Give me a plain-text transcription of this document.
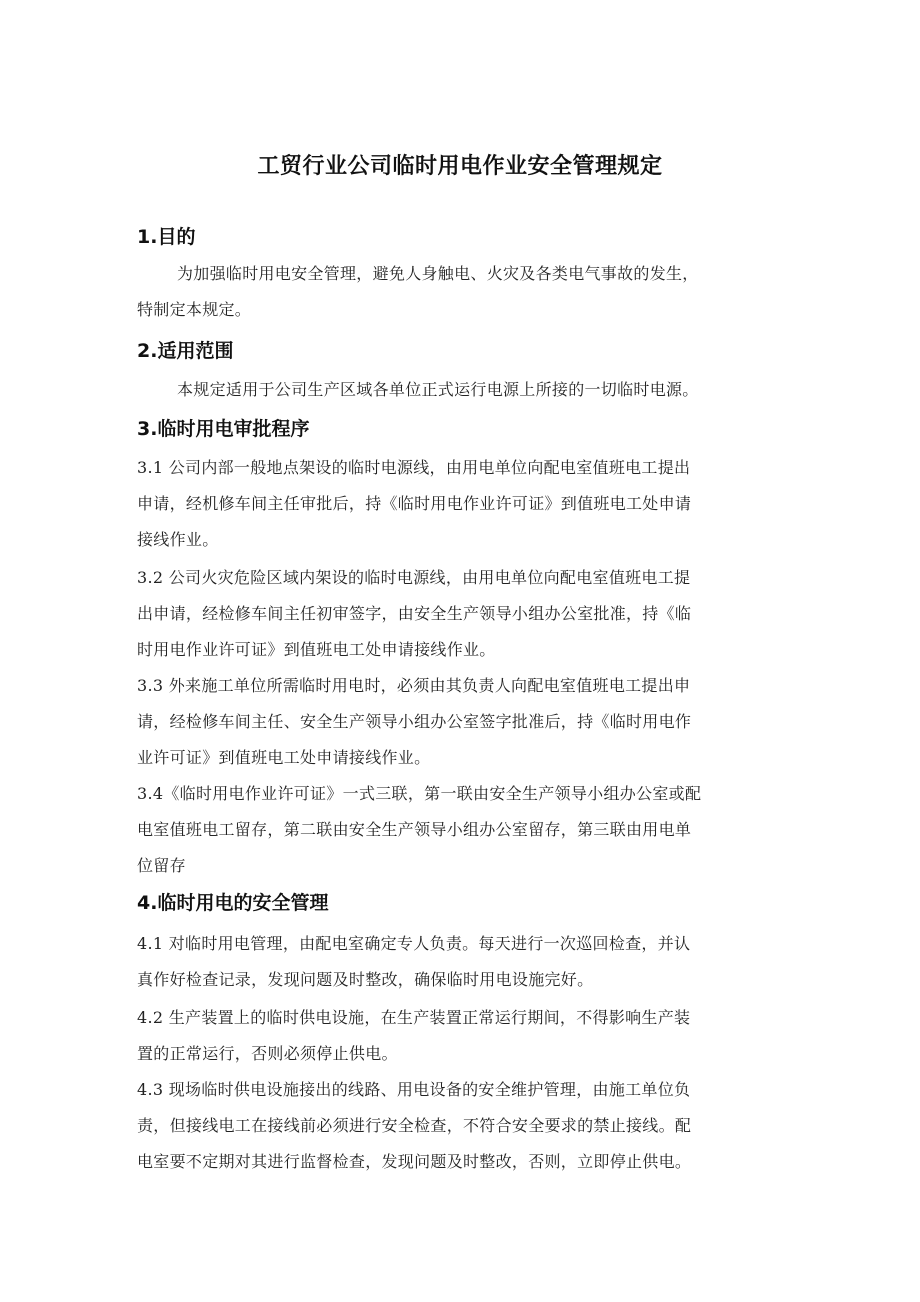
工贸行业公司临时用电作业安全管理规定
1.目的
为加强临时用电安全管理，避免人身触电、火灾及各类电气事故的发生，
特制定本规定。
2.适用范围
本规定适用于公司生产区域各单位正式运行电源上所接的一切临时电源。
3.临时用电审批程序
3.1 公司内部一般地点架设的临时电源线，由用电单位向配电室值班电工提出
申请，经机修车间主任审批后，持《临时用电作业许可证》到值班电工处申请
接线作业。
3.2 公司火灾危险区域内架设的临时电源线，由用电单位向配电室值班电工提
出申请，经检修车间主任初审签字，由安全生产领导小组办公室批准，持《临
时用电作业许可证》到值班电工处申请接线作业。
3.3 外来施工单位所需临时用电时，必须由其负责人向配电室值班电工提出申
请，经检修车间主任、安全生产领导小组办公室签字批准后，持《临时用电作
业许可证》到值班电工处申请接线作业。
3.4《临时用电作业许可证》一式三联，第一联由安全生产领导小组办公室或配
电室值班电工留存，第二联由安全生产领导小组办公室留存，第三联由用电单
位留存
4.临时用电的安全管理
4.1 对临时用电管理，由配电室确定专人负责。每天进行一次巡回检查，并认
真作好检查记录，发现问题及时整改，确保临时用电设施完好。
4.2 生产装置上的临时供电设施，在生产装置正常运行期间，不得影响生产装
置的正常运行，否则必须停止供电。
4.3 现场临时供电设施接出的线路、用电设备的安全维护管理，由施工单位负
责，但接线电工在接线前必须进行安全检查，不符合安全要求的禁止接线。配
电室要不定期对其进行监督检查，发现问题及时整改，否则，立即停止供电。
